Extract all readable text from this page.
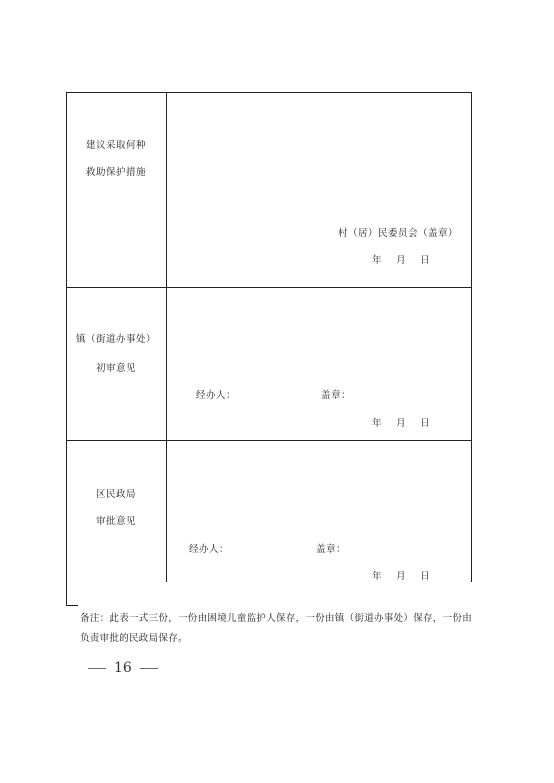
建议采取何种
救助保护措施
村（居）民委员会（盖章）
年    月    日
镇（街道办事处）
初审意见
经办人：	盖章：
年    月    日
区民政局
审批意见
经办人：	盖章：
年    月    日
备注：此表一式三份，一份由困境儿童监护人保存，一份由镇（街道办事处）保存，一份由
负责审批的民政局保存。
16
